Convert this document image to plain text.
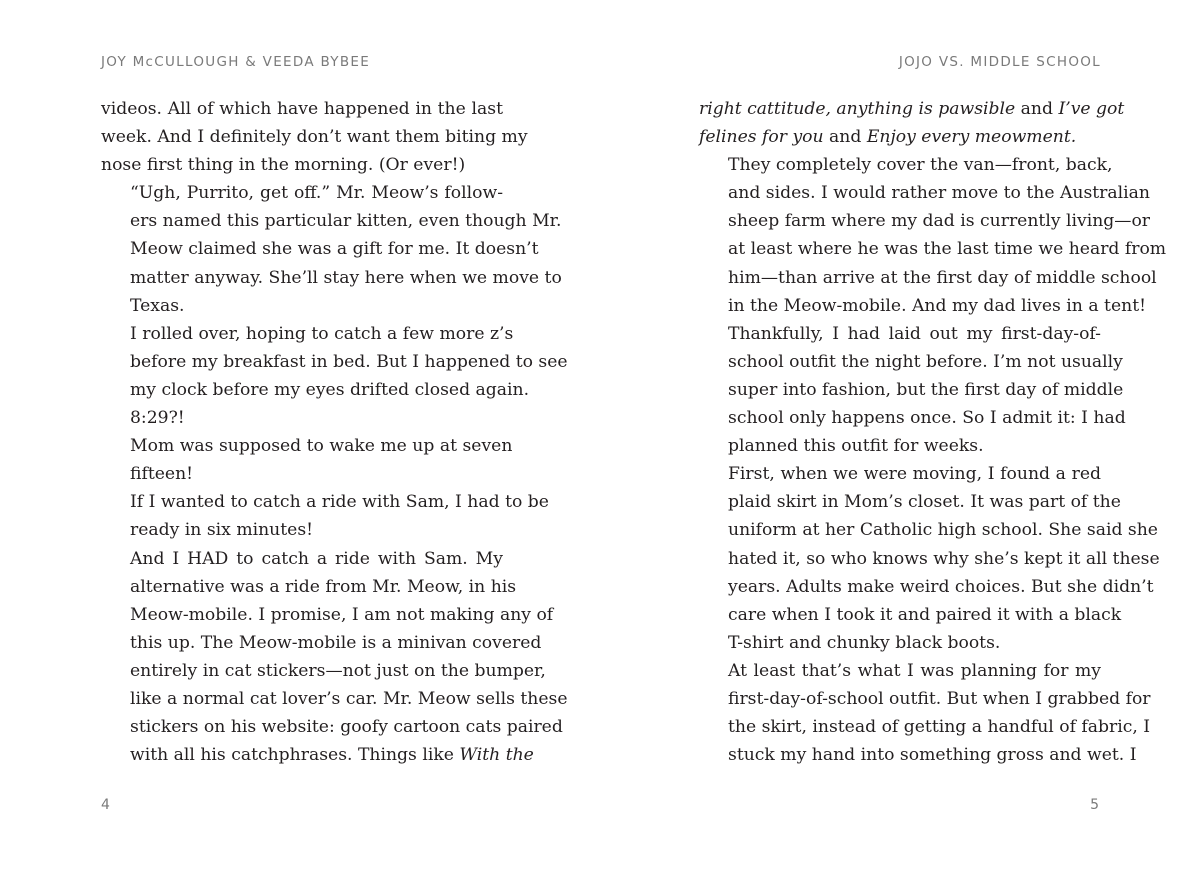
JOY McCULLOUGH & VEEDA BYBEE

videos. All of which have happened in the last
week. And I definitely don’t want them biting my
nose first thing in the morning. (Or ever!)

“Ugh, Purrito, get off.” Mr. Meow’s follow-
ers named this particular kitten, even though Mr.
Meow claimed she was a gift for me. It doesn’t
matter anyway. She’ll stay here when we move to
Texas.

I rolled over, hoping to catch a few more z’s
before my breakfast in bed. But I happened to see
my clock before my eyes drifted closed again.

8:29?!

Mom was supposed to wake me up at seven
fifteen!

If I wanted to catch a ride with Sam, I had to be
ready in six minutes!

And I HAD to catch a ride with Sam. My
alternative was a ride from Mr. Meow, in his
Meow-mobile. I promise, I am not making any of
this up. The Meow-mobile is a minivan covered
entirely in cat stickers—not just on the bumper,
like a normal cat lover’s car. Mr. Meow sells these
stickers on his website: goofy cartoon cats paired
with all his catchphrases. Things like With the

4
JOJO VS. MIDDLE SCHOOL

right cattitude, anything is pawsible and I’ve got
felines for you and Enjoy every meowment.

They completely cover the van—front, back,
and sides. I would rather move to the Australian
sheep farm where my dad is currently living—or
at least where he was the last time we heard from
him—than arrive at the first day of middle school
in the Meow-mobile. And my dad lives in a tent!

Thankfully, I had laid out my first-day-of-
school outfit the night before. I’m not usually
super into fashion, but the first day of middle
school only happens once. So I admit it: I had
planned this outfit for weeks.

First, when we were moving, I found a red
plaid skirt in Mom’s closet. It was part of the
uniform at her Catholic high school. She said she
hated it, so who knows why she’s kept it all these
years. Adults make weird choices. But she didn’t
care when I took it and paired it with a black
T-shirt and chunky black boots.

At least that’s what I was planning for my
first-day-of-school outfit. But when I grabbed for
the skirt, instead of getting a handful of fabric, I
stuck my hand into something gross and wet. I

5
